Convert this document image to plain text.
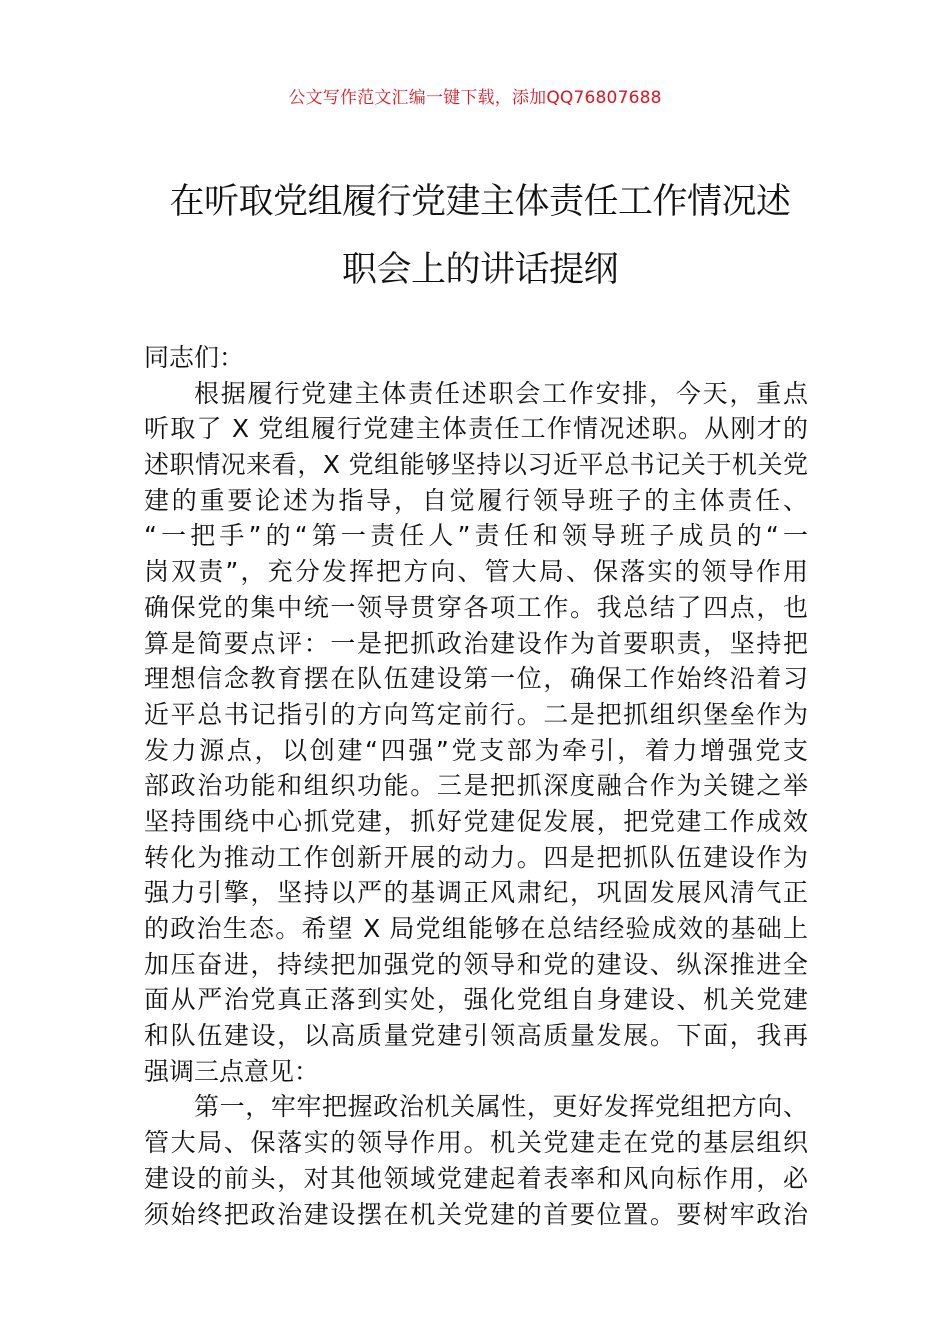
公文写作范文汇编一键下载，添加QQ76807688
在听取党组履行党建主体责任工作情况述
职会上的讲话提纲
同志们：
根据履行党建主体责任述职会工作安排，今天，重点
听取了 X 党组履行党建主体责任工作情况述职。从刚才的
述职情况来看，X 党组能够坚持以习近平总书记关于机关党
建的重要论述为指导，自觉履行领导班子的主体责任、
“一把手”的“第一责任人”责任和领导班子成员的“一
岗双责”，充分发挥把方向、管大局、保落实的领导作用
确保党的集中统一领导贯穿各项工作。我总结了四点，也
算是简要点评：一是把抓政治建设作为首要职责，坚持把
理想信念教育摆在队伍建设第一位，确保工作始终沿着习
近平总书记指引的方向笃定前行。二是把抓组织堡垒作为
发力源点，以创建“四强”党支部为牵引，着力增强党支
部政治功能和组织功能。三是把抓深度融合作为关键之举
坚持围绕中心抓党建，抓好党建促发展，把党建工作成效
转化为推动工作创新开展的动力。四是把抓队伍建设作为
强力引擎，坚持以严的基调正风肃纪，巩固发展风清气正
的政治生态。希望 X 局党组能够在总结经验成效的基础上
加压奋进，持续把加强党的领导和党的建设、纵深推进全
面从严治党真正落到实处，强化党组自身建设、机关党建
和队伍建设，以高质量党建引领高质量发展。下面，我再
强调三点意见：
第一，牢牢把握政治机关属性，更好发挥党组把方向、
管大局、保落实的领导作用。机关党建走在党的基层组织
建设的前头，对其他领域党建起着表率和风向标作用，必
须始终把政治建设摆在机关党建的首要位置。要树牢政治
